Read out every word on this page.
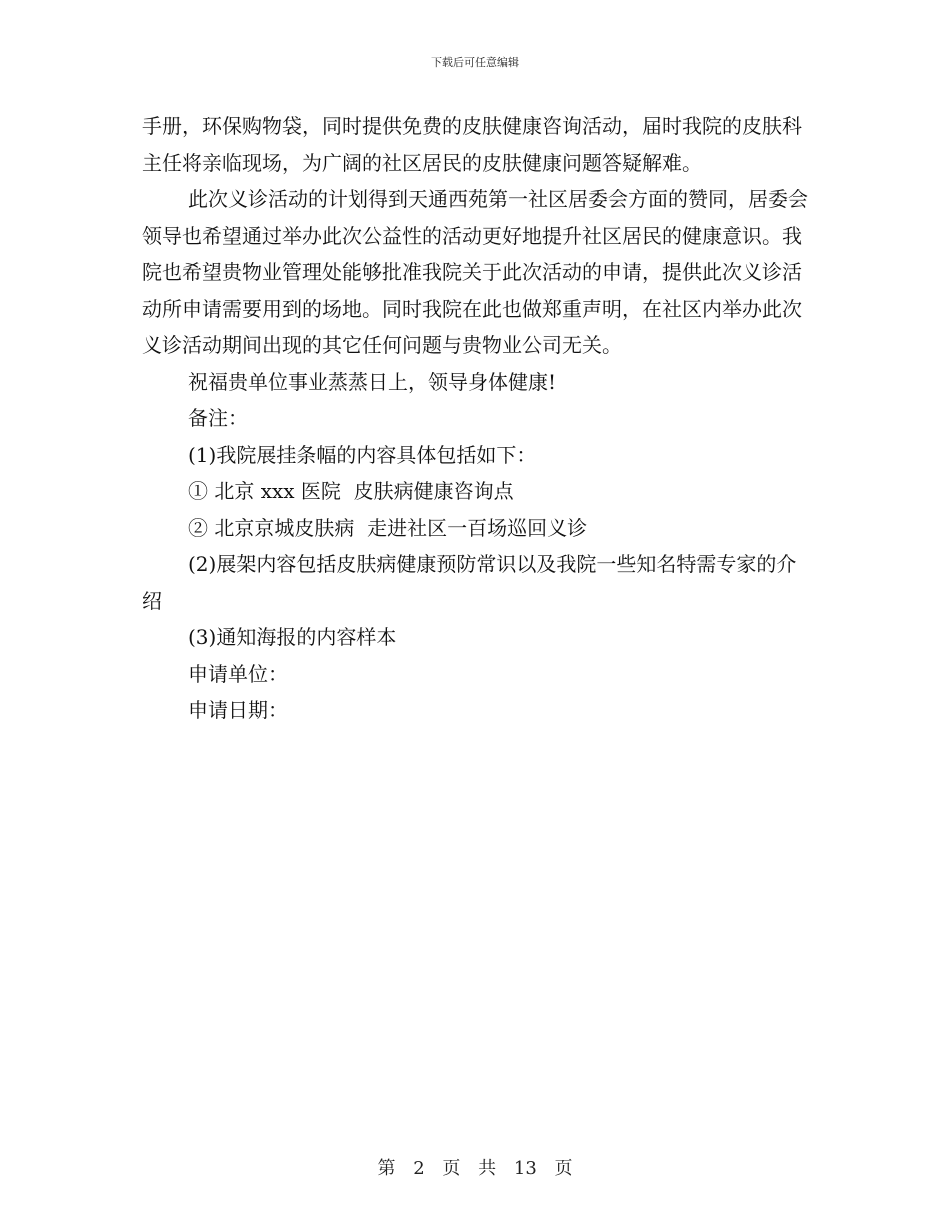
下载后可任意编辑

手册，环保购物袋，同时提供免费的皮肤健康咨询活动，届时我院的皮肤科主任将亲临现场，为广阔的社区居民的皮肤健康问题答疑解难。

此次义诊活动的计划得到天通西苑第一社区居委会方面的赞同，居委会领导也希望通过举办此次公益性的活动更好地提升社区居民的健康意识。我院也希望贵物业管理处能够批准我院关于此次活动的申请，提供此次义诊活动所申请需要用到的场地。同时我院在此也做郑重声明，在社区内举办此次义诊活动期间出现的其它任何问题与贵物业公司无关。

祝福贵单位事业蒸蒸日上，领导身体健康!

备注：

(1)我院展挂条幅的内容具体包括如下：

① 北京 xxx 医院  皮肤病健康咨询点

② 北京京城皮肤病  走进社区一百场巡回义诊

(2)展架内容包括皮肤病健康预防常识以及我院一些知名特需专家的介绍

(3)通知海报的内容样本

申请单位：

申请日期：

第 2 页 共 13 页
